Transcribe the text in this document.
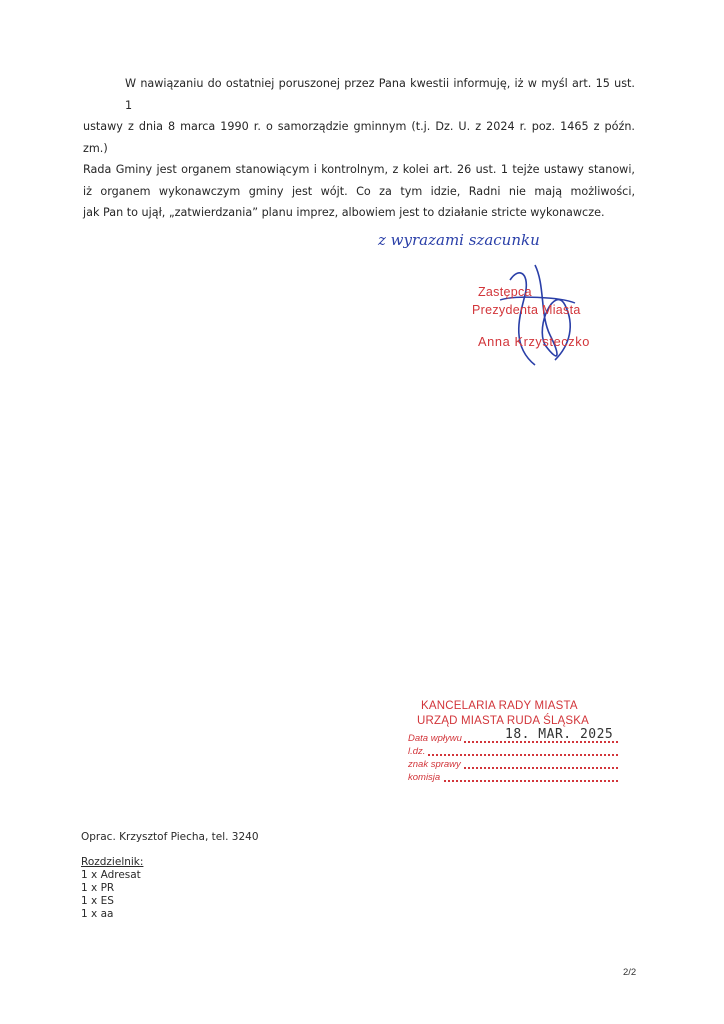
W nawiązaniu do ostatniej poruszonej przez Pana kwestii informuję, iż w myśl art. 15 ust. 1
ustawy z dnia 8 marca 1990 r. o samorządzie gminnym (t.j. Dz. U. z 2024 r. poz. 1465 z późn. zm.)
Rada Gminy jest organem stanowiącym i kontrolnym, z kolei art. 26 ust. 1 tejże ustawy stanowi,
iż organem wykonawczym gminy jest wójt. Co za tym idzie, Radni nie mają możliwości,
jak Pan to ujął, „zatwierdzania” planu imprez, albowiem jest to działanie stricte wykonawcze.
z wyrazami szacunku
Zastępca
Prezydenta Miasta
Anna Krzysteczko
KANCELARIA RADY MIASTA
URZĄD MIASTA RUDA ŚLĄSKA
Data wpływu	18. MAR. 2025
l.dz.
znak sprawy
komisja
Oprac. Krzysztof Piecha, tel. 3240
Rozdzielnik:
1 x Adresat
1 x PR
1 x ES
1 x aa
2/2
